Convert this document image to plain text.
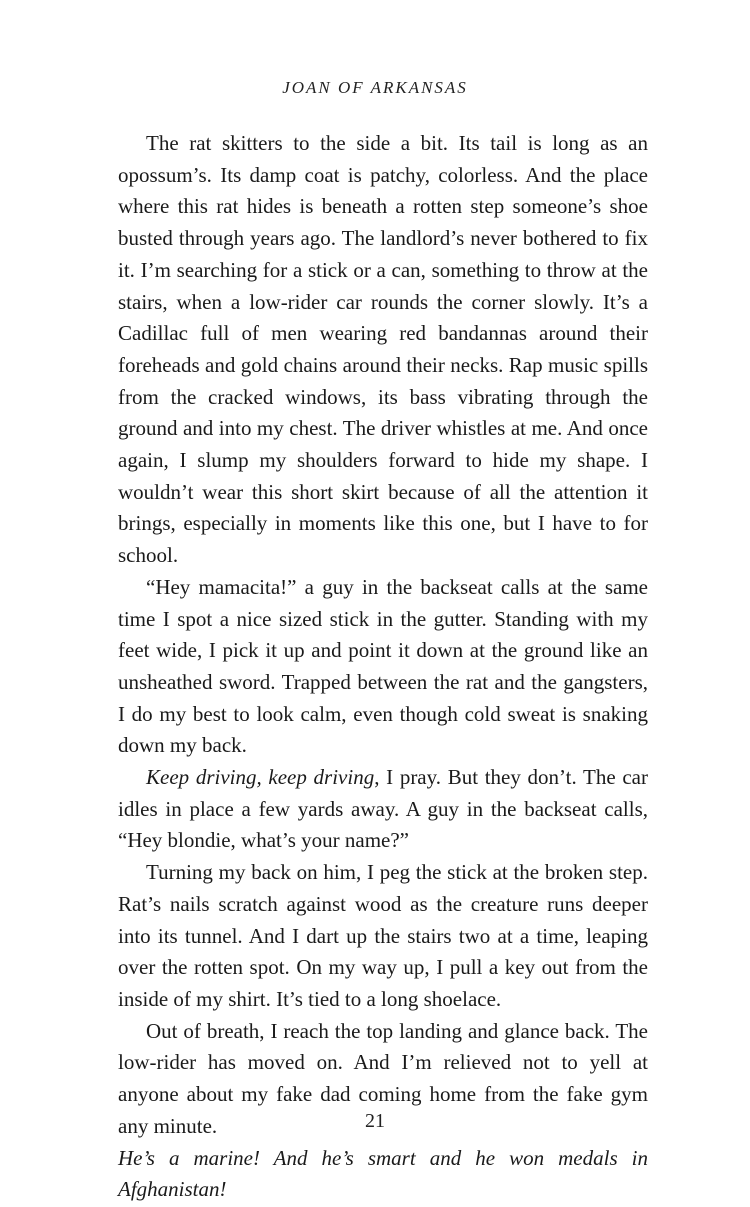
JOAN OF ARKANSAS

The rat skitters to the side a bit. Its tail is long as an opossum’s. Its damp coat is patchy, colorless. And the place where this rat hides is beneath a rotten step someone’s shoe busted through years ago. The landlord’s never bothered to fix it. I’m searching for a stick or a can, something to throw at the stairs, when a low-rider car rounds the corner slowly. It’s a Cadillac full of men wearing red bandannas around their foreheads and gold chains around their necks. Rap music spills from the cracked windows, its bass vibrating through the ground and into my chest. The driver whistles at me. And once again, I slump my shoulders forward to hide my shape. I wouldn’t wear this short skirt because of all the attention it brings, especially in moments like this one, but I have to for school.

“Hey mamacita!” a guy in the backseat calls at the same time I spot a nice sized stick in the gutter. Standing with my feet wide, I pick it up and point it down at the ground like an unsheathed sword. Trapped between the rat and the gangsters, I do my best to look calm, even though cold sweat is snaking down my back.

Keep driving, keep driving, I pray. But they don’t. The car idles in place a few yards away. A guy in the backseat calls, “Hey blondie, what’s your name?”

Turning my back on him, I peg the stick at the broken step. Rat’s nails scratch against wood as the creature runs deeper into its tunnel. And I dart up the stairs two at a time, leaping over the rotten spot. On my way up, I pull a key out from the inside of my shirt. It’s tied to a long shoelace.

Out of breath, I reach the top landing and glance back. The low-rider has moved on. And I’m relieved not to yell at anyone about my fake dad coming home from the fake gym any minute.

He’s a marine! And he’s smart and he won medals in Afghanistan!

21
